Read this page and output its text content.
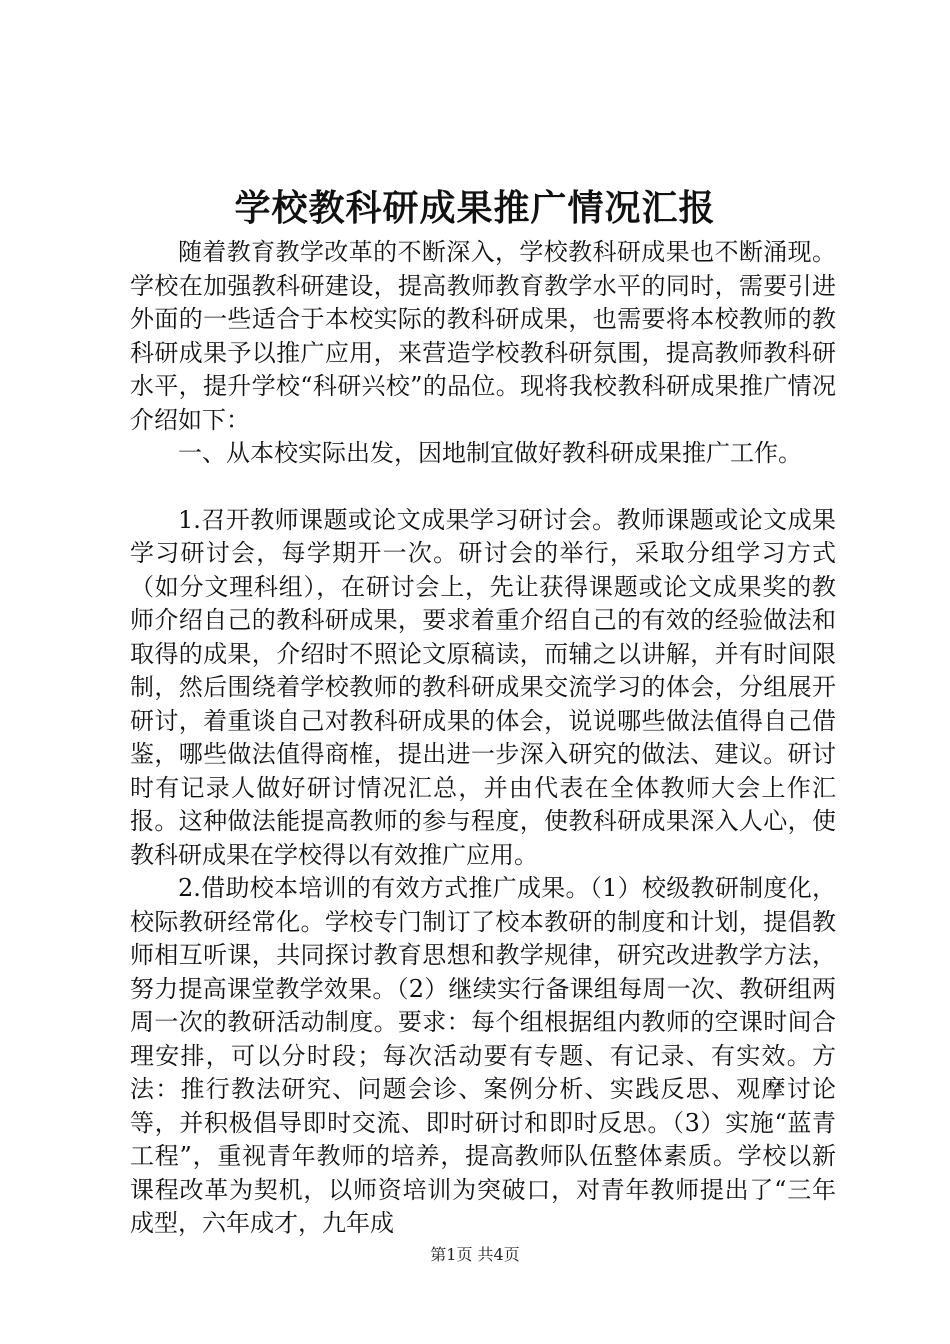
学校教科研成果推广情况汇报

随着教育教学改革的不断深入，学校教科研成果也不断涌现。学校在加强教科研建设，提高教师教育教学水平的同时，需要引进外面的一些适合于本校实际的教科研成果，也需要将本校教师的教科研成果予以推广应用，来营造学校教科研氛围，提高教师教科研水平，提升学校“科研兴校”的品位。现将我校教科研成果推广情况介绍如下：

一、从本校实际出发，因地制宜做好教科研成果推广工作。

1.召开教师课题或论文成果学习研讨会。教师课题或论文成果学习研讨会，每学期开一次。研讨会的举行，采取分组学习方式（如分文理科组），在研讨会上，先让获得课题或论文成果奖的教师介绍自己的教科研成果，要求着重介绍自己的有效的经验做法和取得的成果，介绍时不照论文原稿读，而辅之以讲解，并有时间限制，然后围绕着学校教师的教科研成果交流学习的体会，分组展开研讨，着重谈自己对教科研成果的体会，说说哪些做法值得自己借鉴，哪些做法值得商榷，提出进一步深入研究的做法、建议。研讨时有记录人做好研讨情况汇总，并由代表在全体教师大会上作汇报。这种做法能提高教师的参与程度，使教科研成果深入人心，使教科研成果在学校得以有效推广应用。

2.借助校本培训的有效方式推广成果。（1）校级教研制度化，校际教研经常化。学校专门制订了校本教研的制度和计划，提倡教师相互听课，共同探讨教育思想和教学规律，研究改进教学方法，努力提高课堂教学效果。（2）继续实行备课组每周一次、教研组两周一次的教研活动制度。要求：每个组根据组内教师的空课时间合理安排，可以分时段；每次活动要有专题、有记录、有实效。方法：推行教法研究、问题会诊、案例分析、实践反思、观摩讨论等，并积极倡导即时交流、即时研讨和即时反思。（3）实施“蓝青工程”，重视青年教师的培养，提高教师队伍整体素质。学校以新课程改革为契机，以师资培训为突破口，对青年教师提出了“三年成型，六年成才，九年成

第1页 共4页
